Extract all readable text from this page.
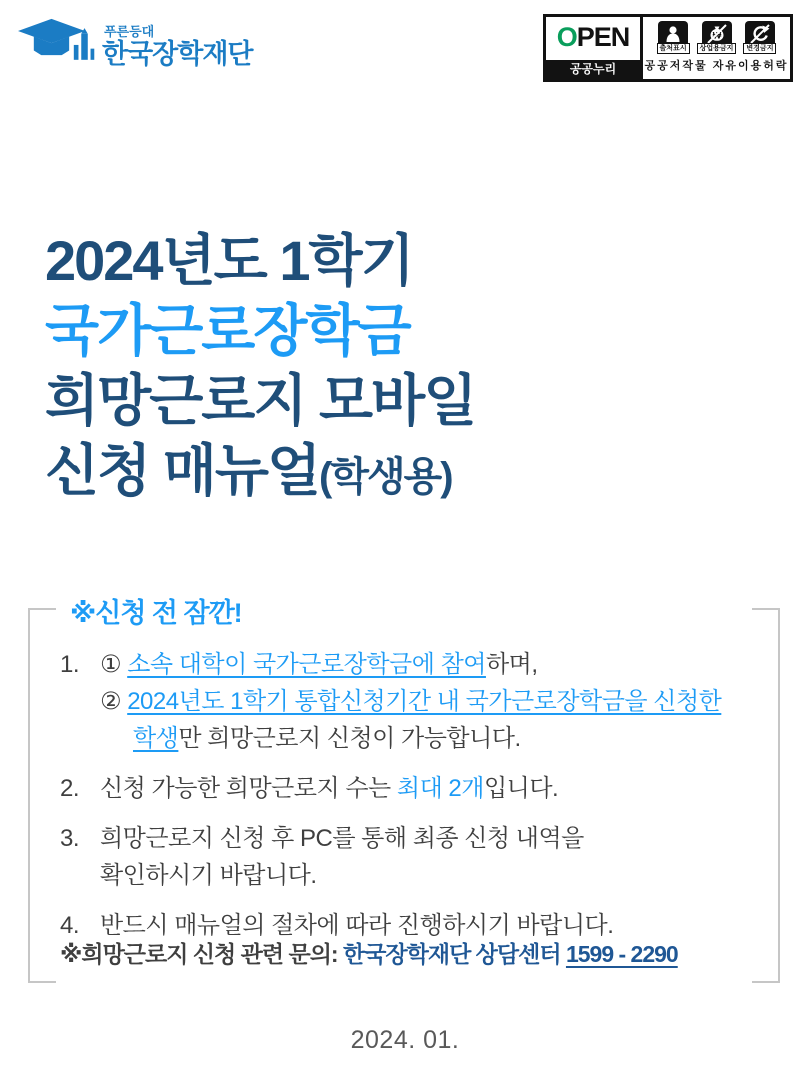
푸른등대
한국장학재단
OPEN
공공누리
출처표시
₩
상업용금지	변경금지
공공저작물 자유이용허락
2024년도 1학기
국가근로장학금
희망근로지 모바일
신청 매뉴얼(학생용)
※신청 전 잠깐!
1. ① 소속 대학이 국가근로장학금에 참여하며,
② 2024년도 1학기 통합신청기간 내 국가근로장학금을 신청한
학생만 희망근로지 신청이 가능합니다.
2. 신청 가능한 희망근로지 수는 최대 2개입니다.
3. 희망근로지 신청 후 PC를 통해 최종 신청 내역을
확인하시기 바랍니다.
4. 반드시 매뉴얼의 절차에 따라 진행하시기 바랍니다.
※희망근로지 신청 관련 문의: 한국장학재단 상담센터 1599 - 2290
2024. 01.
